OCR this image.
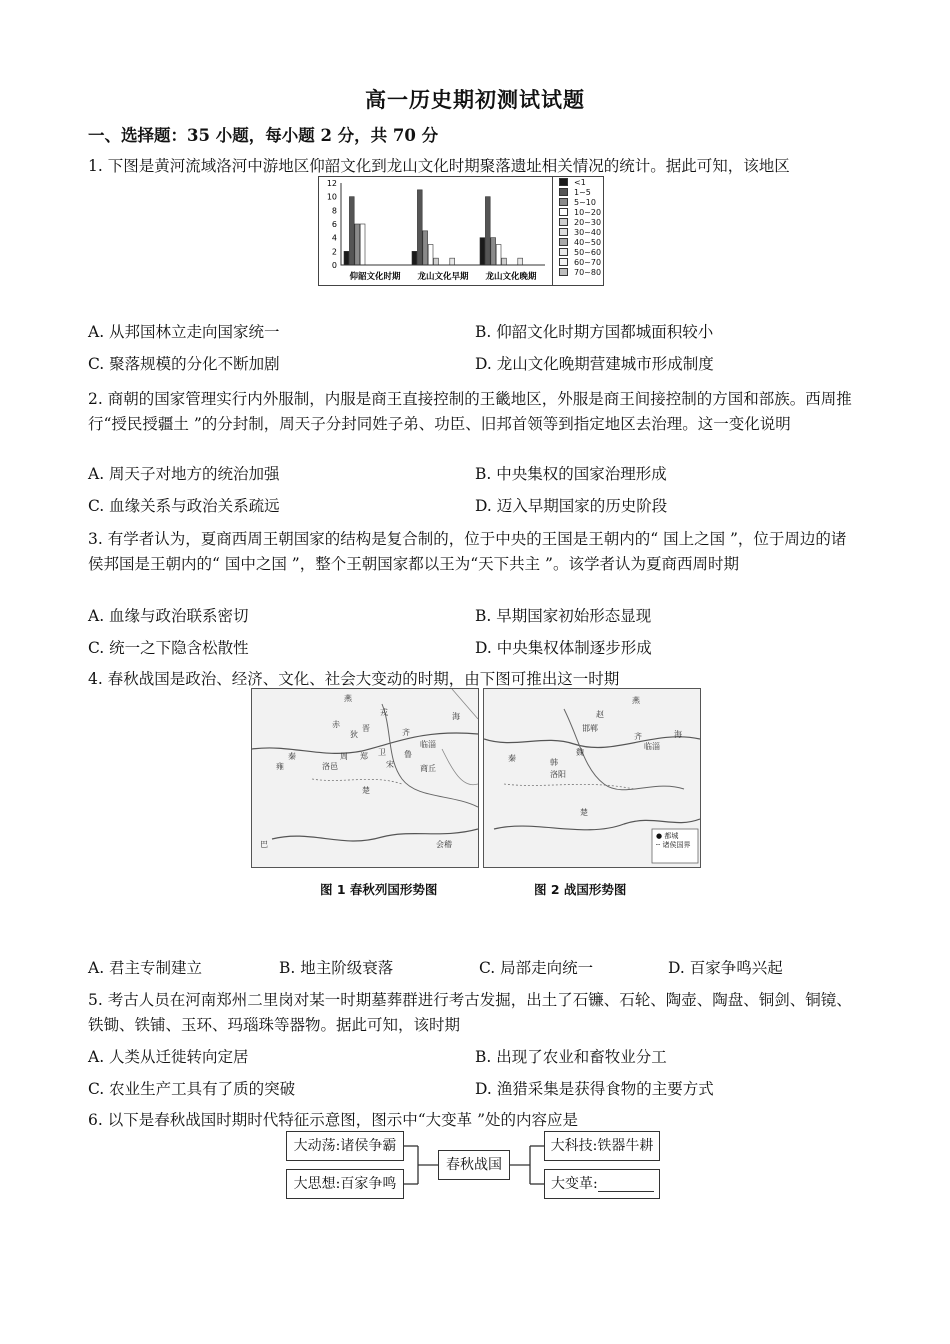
高一历史期初测试试题
一、选择题：35 小题，每小题 2 分，共 70 分
1. 下图是黄河流域洛河中游地区仰韶文化到龙山文化时期聚落遗址相关情况的统计。据此可知，该地区
0
2
4
6
8
10
12
仰韶文化时期 龙山文化早期 龙山文化晚期
<1
1~5
5~10
10~20
20~30
30~40
40~50
50~60
60~70
70~80
A. 从邦国林立走向国家统一	B. 仰韶文化时期方国都城面积较小
C. 聚落规模的分化不断加剧	D. 龙山文化晚期营建城市形成制度
2. 商朝的国家管理实行内外服制，内服是商王直接控制的王畿地区，外服是商王间接控制的方国和部族。西周推行“授民授疆土 ”的分封制，周天子分封同姓子弟、功臣、旧邦首领等到指定地区去治理。这一变化说明
A. 周天子对地方的统治加强	B. 中央集权的国家治理形成
C. 血缘关系与政治关系疏远	D. 迈入早期国家的历史阶段
3. 有学者认为，夏商西周王朝国家的结构是复合制的，位于中央的王国是王朝内的“ 国上之国 ”，位于周边的诸侯邦国是王朝内的“ 国中之国 ”，整个王朝国家都以王为“天下共主 ”。该学者认为夏商西周时期
A. 血缘与政治联系密切	B. 早期国家初始形态显现
C. 统一之下隐含松散性	D. 中央集权体制逐步形成
4. 春秋战国是政治、经济、文化、社会大变动的时期，由下图可推出这一时期
燕
戎
赤
狄
晋	齐
临淄
秦
雍	洛邑
周 郑 卫
宋
鲁
商丘
楚
巴	会稽
海
燕
赵
邯郸
齐
临淄
魏
韩
洛阳
秦
楚
海
● 都城
┄ 诸侯国界
图 1 春秋列国形势图	图 2 战国形势图
A. 君主专制建立	B. 地主阶级衰落	C. 局部走向统一	D. 百家争鸣兴起
5. 考古人员在河南郑州二里岗对某一时期墓葬群进行考古发掘，出土了石镰、石轮、陶壶、陶盘、铜剑、铜镜、铁锄、铁铺、玉环、玛瑙珠等器物。据此可知，该时期
A. 人类从迁徙转向定居	B. 出现了农业和畜牧业分工
C. 农业生产工具有了质的突破	D. 渔猎采集是获得食物的主要方式
6. 以下是春秋战国时期时代特征示意图，图示中“大变革 ”处的内容应是
大动荡:诸侯争霸
大思想:百家争鸣
春秋战国
大科技:铁器牛耕
大变革:
